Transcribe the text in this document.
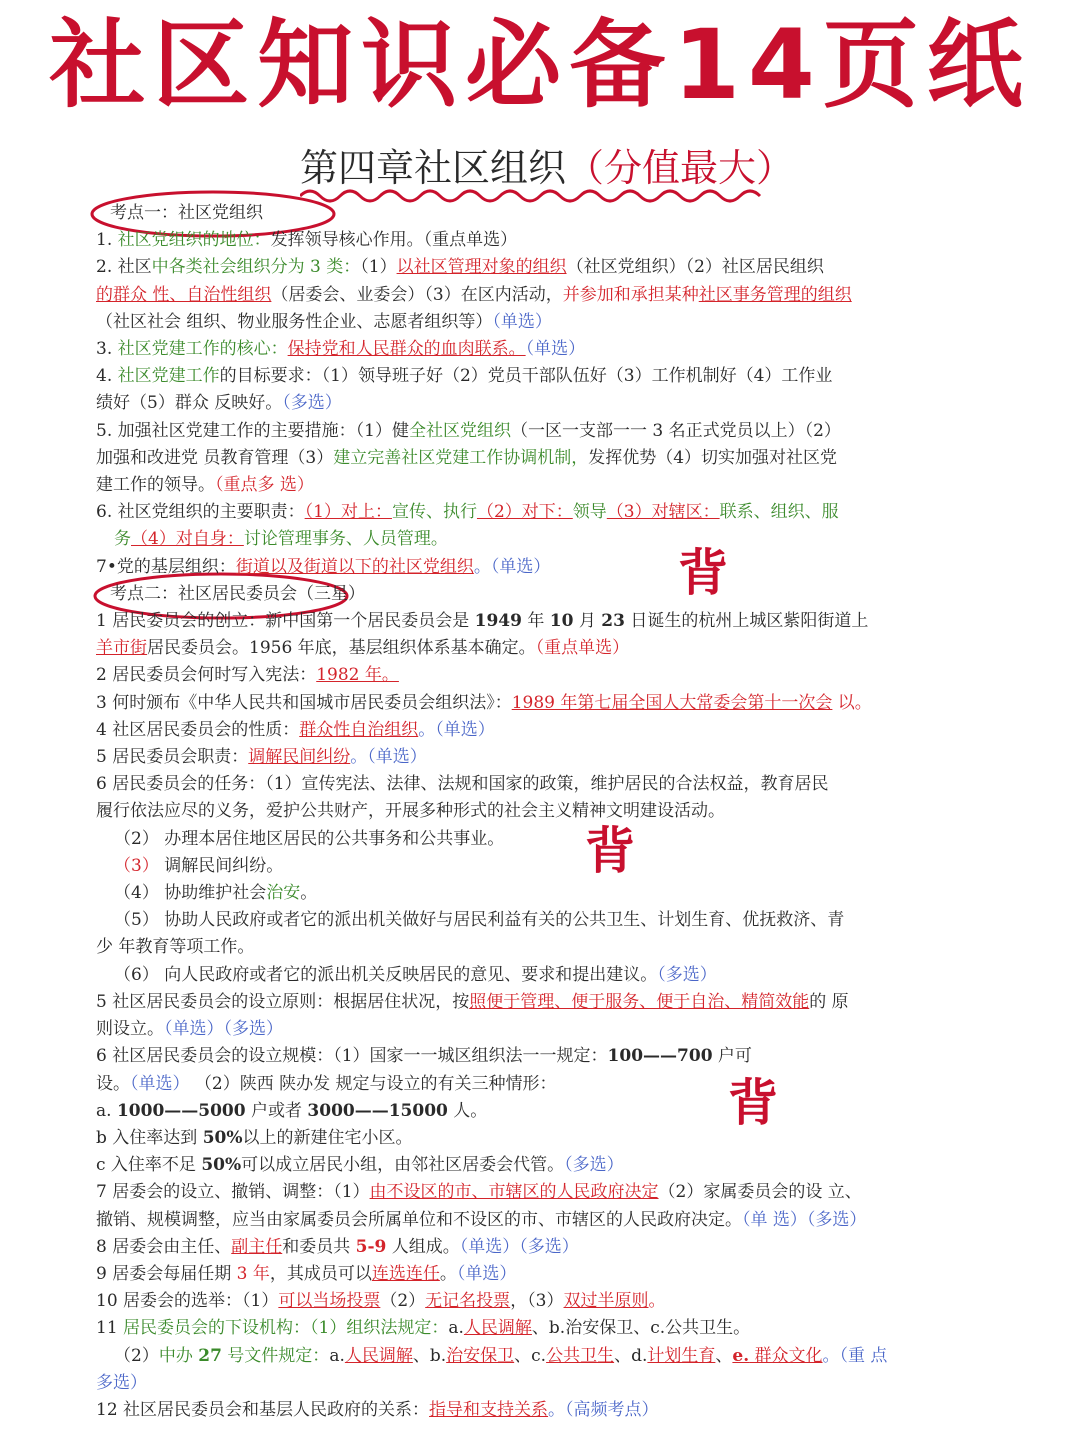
社区知识必备14页纸
第四章社区组织（分值最大）
背
背
背
考点一：社区党组织
1. 社区党组织的地位：发挥领导核心作用。（重点单选）
2. 社区中各类社会组织分为 3 类：（1）以社区管理对象的组织（社区党组织）（2）社区居民组织
的群众 性、自治性组织（居委会、业委会）（3）在区内活动，并参加和承担某种社区事务管理的组织
（社区社会 组织、物业服务性企业、志愿者组织等）（单选）
3. 社区党建工作的核心：保持党和人民群众的血肉联系。（单选）
4. 社区党建工作的目标要求：（1）领导班子好（2）党员干部队伍好（3）工作机制好（4）工作业
绩好（5）群众 反映好。（多选）
5. 加强社区党建工作的主要措施：（1）健全社区党组织（一区一支部一一 3 名正式党员以上）（2）
加强和改进党 员教育管理（3）建立完善社区党建工作协调机制，发挥优势（4）切实加强对社区党
建工作的领导。（重点多 选）
6. 社区党组织的主要职责：（1）对上：宣传、执行（2）对下：领导（3）对辖区：联系、组织、服
务（4）对自身：讨论管理事务、人员管理。
7•党的基层组织：街道以及街道以下的社区党组织。（单选）
考点二：社区居民委员会（三星）
1 居民委员会的创立：新中国第一个居民委员会是 1949 年 10 月 23 日诞生的杭州上城区紫阳街道上
羊市街居民委员会。1956 年底，基层组织体系基本确定。（重点单选）
2 居民委员会何时写入宪法：1982 年。
3 何时颁布《中华人民共和国城市居民委员会组织法》：1989 年第七届全国人大常委会第十一次会 以。
4 社区居民委员会的性质：群众性自治组织。（单选）
5 居民委员会职责：调解民间纠纷。（单选）
6 居民委员会的任务：（1）宣传宪法、法律、法规和国家的政策，维护居民的合法权益，教育居民
履行依法应尽的义务，爱护公共财产，开展多种形式的社会主义精神文明建设活动。
（2） 办理本居住地区居民的公共事务和公共事业。
（3） 调解民间纠纷。
（4） 协助维护社会治安。
（5） 协助人民政府或者它的派出机关做好与居民利益有关的公共卫生、计划生育、优抚救济、青
少 年教育等项工作。
（6） 向人民政府或者它的派出机关反映居民的意见、要求和提出建议。（多选）
5 社区居民委员会的设立原则：根据居住状况，按照便于管理、便于服务、便于自治、精简效能的 原
则设立。（单选）（多选）
6 社区居民委员会的设立规模：（1）国家一一城区组织法一一规定：100——700 户可
设。（单选） （2）陕西 陕办发 规定与设立的有关三种情形：
a. 1000——5000 户或者 3000——15000 人。
b 入住率达到 50%以上的新建住宅小区。
c 入住率不足 50%可以成立居民小组，由邻社区居委会代管。（多选）
7 居委会的设立、撤销、调整：（1）由不设区的市、市辖区的人民政府决定（2）家属委员会的设 立、
撤销、规模调整，应当由家属委员会所属单位和不设区的市、市辖区的人民政府决定。（单 选）（多选）
8 居委会由主任、副主任和委员共 5-9 人组成。（单选）（多选）
9 居委会每届任期 3 年，其成员可以连选连任。（单选）
10 居委会的选举：（1）可以当场投票（2）无记名投票，（3）双过半原则。
11 居民委员会的下设机构：（1）组织法规定：a.人民调解、b.治安保卫、c.公共卫生。
（2）中办 27 号文件规定：a.人民调解、b.治安保卫、c.公共卫生、d.计划生育、e. 群众文化。（重 点
多选）
12 社区居民委员会和基层人民政府的关系：指导和支持关系。（高频考点）
